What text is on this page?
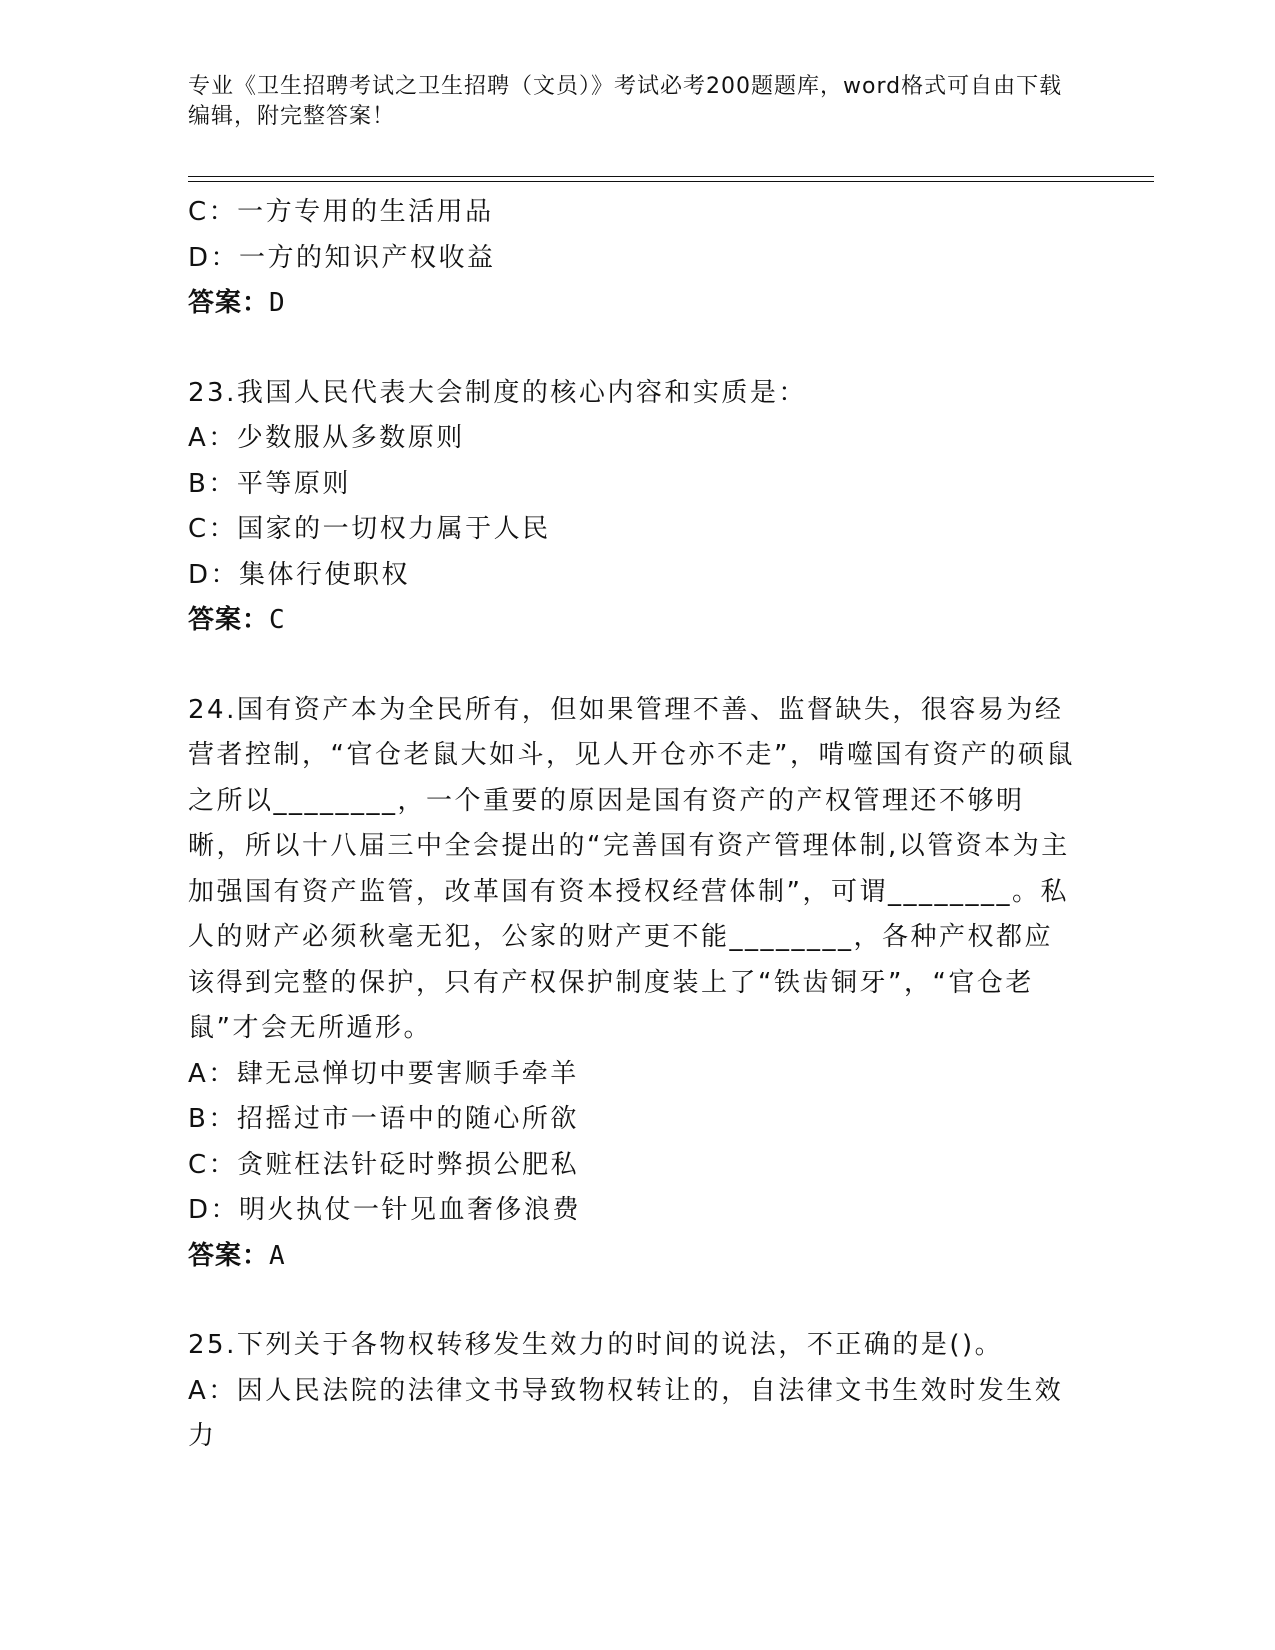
专业《卫生招聘考试之卫生招聘（文员）》考试必考200题题库，word格式可自由下载编辑，附完整答案！

C：一方专用的生活用品

D：一方的知识产权收益

答案：D

23.我国人民代表大会制度的核心内容和实质是：

A：少数服从多数原则

B：平等原则

C：国家的一切权力属于人民

D：集体行使职权

答案：C

24.国有资产本为全民所有，但如果管理不善、监督缺失，很容易为经营者控制，“官仓老鼠大如斗，见人开仓亦不走”，啃噬国有资产的硕鼠之所以________，一个重要的原因是国有资产的产权管理还不够明晰，所以十八届三中全会提出的“完善国有资产管理体制,以管资本为主加强国有资产监管，改革国有资本授权经营体制”，可谓________。私人的财产必须秋毫无犯，公家的财产更不能________，各种产权都应该得到完整的保护，只有产权保护制度装上了“铁齿铜牙”，“官仓老鼠”才会无所遁形。

A：肆无忌惮切中要害顺手牵羊

B：招摇过市一语中的随心所欲

C：贪赃枉法针砭时弊损公肥私

D：明火执仗一针见血奢侈浪费

答案：A

25.下列关于各物权转移发生效力的时间的说法，不正确的是()。

A：因人民法院的法律文书导致物权转让的，自法律文书生效时发生效力
